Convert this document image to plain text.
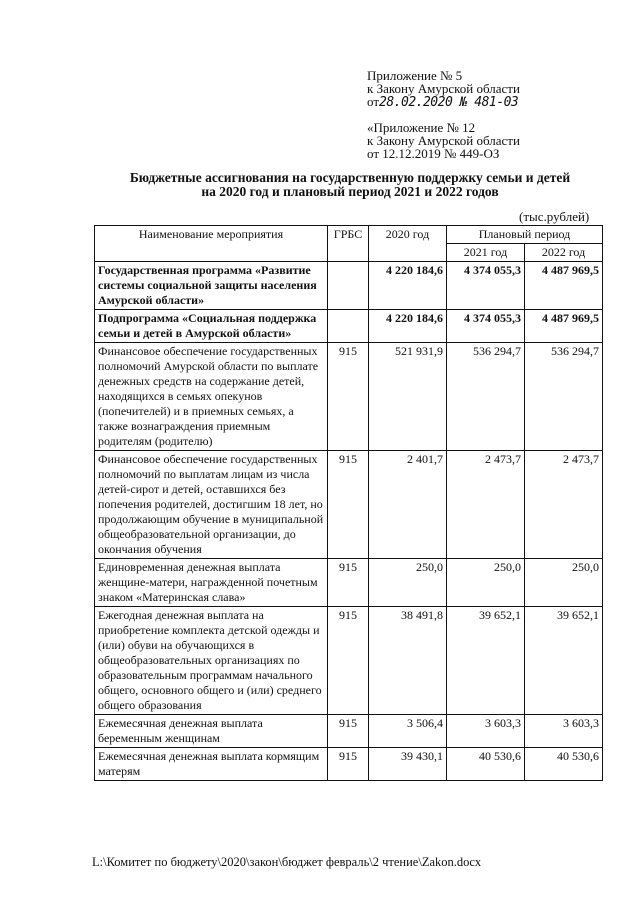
Приложение № 5
к Закону Амурской области
от28.02.2020 № 481-03
«Приложение № 12
к Закону Амурской области
от 12.12.2019 № 449-ОЗ
Бюджетные ассигнования на государственную поддержку семьи и детей
на 2020 год и плановый период 2021 и 2022 годов
(тыс.рублей)
Наименование мероприятия	ГРБС	2020 год	Плановый период	
			2021 год	2022 год
Государственная программа «Развитие системы социальной защиты населения Амурской области»		4 220 184,6	4 374 055,3	4 487 969,5
Подпрограмма «Социальная поддержка семьи и детей в Амурской области»		4 220 184,6	4 374 055,3	4 487 969,5
Финансовое обеспечение государственных полномочий Амурской области по выплате денежных средств на содержание детей, находящихся в семьях опекунов (попечителей) и в приемных семьях, а также вознаграждения приемным родителям (родителю)	915	521 931,9	536 294,7	536 294,7
Финансовое обеспечение государственных полномочий по выплатам лицам из числа детей-сирот и детей, оставшихся без попечения родителей, достигшим 18 лет, но продолжающим обучение в муниципальной общеобразовательной организации, до окончания обучения	915	2 401,7	2 473,7	2 473,7
Единовременная денежная выплата женщине-матери, награжденной почетным знаком «Материнская слава»	915	250,0	250,0	250,0
Ежегодная денежная выплата на приобретение комплекта детской одежды и (или) обуви на обучающихся в общеобразовательных организациях по образовательным программам начального общего, основного общего и (или) среднего общего образования	915	38 491,8	39 652,1	39 652,1
Ежемесячная денежная выплата беременным женщинам	915	3 506,4	3 603,3	3 603,3
Ежемесячная денежная выплата кормящим матерям	915	39 430,1	40 530,6	40 530,6
L:\Комитет по бюджету\2020\закон\бюджет февраль\2 чтение\Zakon.docx
